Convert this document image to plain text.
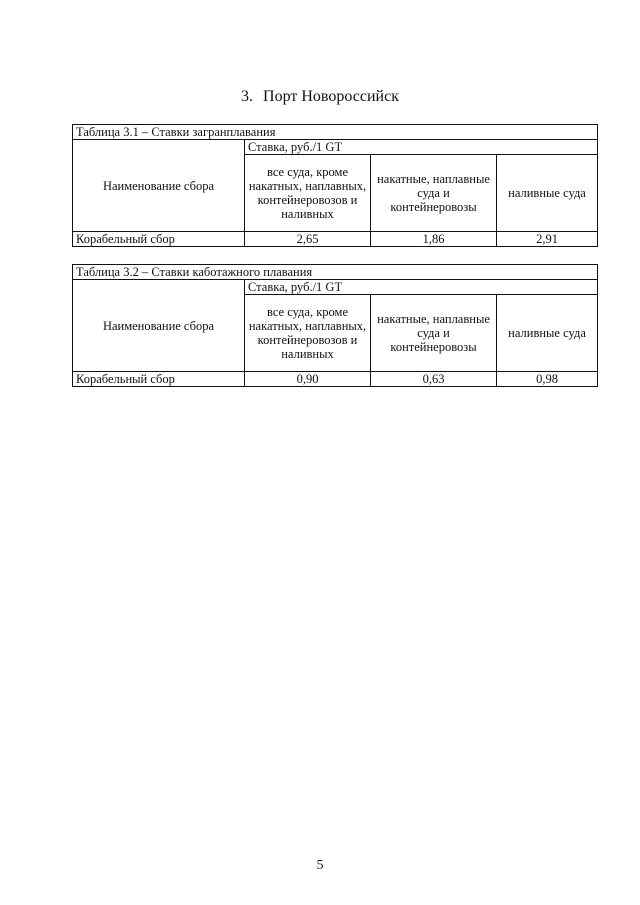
3. Порт Новороссийск
Таблица 3.1 – Ставки загранплавания			
Наименование сбора	Ставка, руб./1 GT		
	все суда, кроме накатных, наплавных, контейнеровозов и наливных	накатные, наплавные суда и контейнеровозы	наливные суда
Корабельный сбор	2,65	1,86	2,91
Таблица 3.2 – Ставки каботажного плавания			
Наименование сбора	Ставка, руб./1 GT		
	все суда, кроме накатных, наплавных, контейнеровозов и наливных	накатные, наплавные суда и контейнеровозы	наливные суда
Корабельный сбор	0,90	0,63	0,98
5
